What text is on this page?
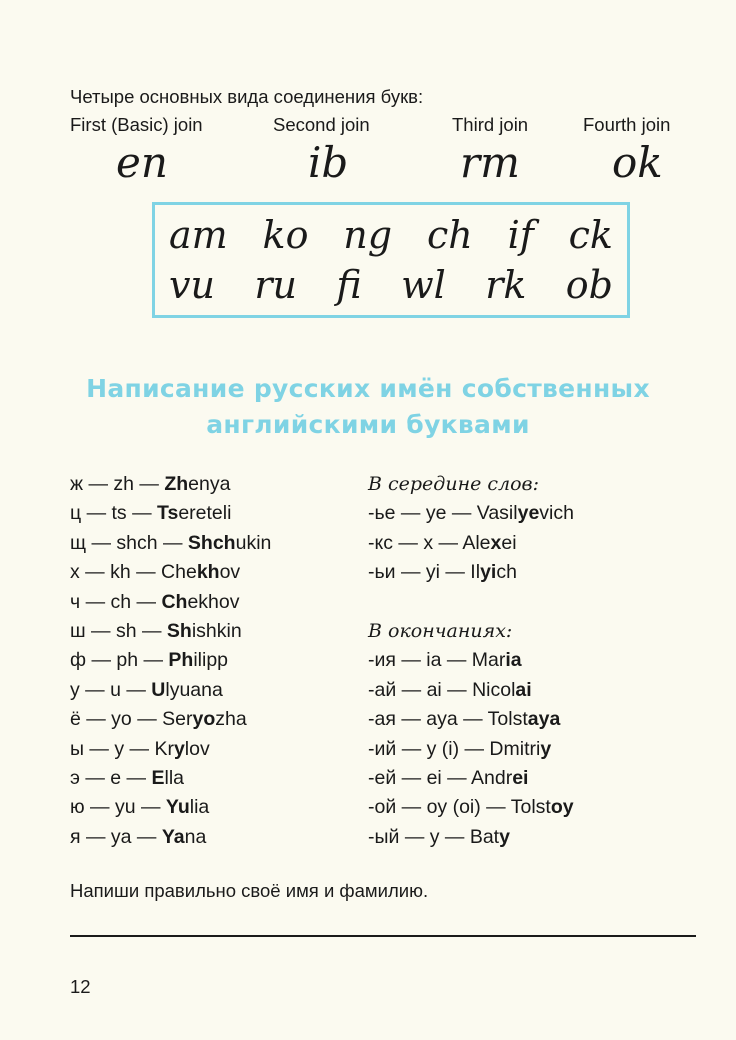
Четыре основных вида соединения букв:
First (Basic) join	Second join	Third join	Fourth join
en	ib	rm ok
am ko ng ch if ck
vu ru fi wl rk ob
Написание русских имён собственных
английскими буквами
ж — zh — Zhenya
ц — ts — Tsereteli
щ — shch — Shchukin
х — kh — Chekhov
ч — ch — Chekhov
ш — sh — Shishkin
ф — ph — Philipp
у — u — Ulyuana
ё — yo — Seryozha
ы — y — Krylov
э — e — Ella
ю — yu — Yulia
я — ya — Yana
В середине слов:
-ье — ye — Vasilyevich
-кс — x — Alexei
-ьи — yi — Ilyich
В окончаниях:
-ия — ia — Maria
-ай — ai — Nicolai
-ая — aya — Tolstaya
-ий — y (i) — Dmitriy
-ей — ei — Andrei
-ой — oy (oi) — Tolstoy
-ый — y — Baty
Напиши правильно своё имя и фамилию.
12
